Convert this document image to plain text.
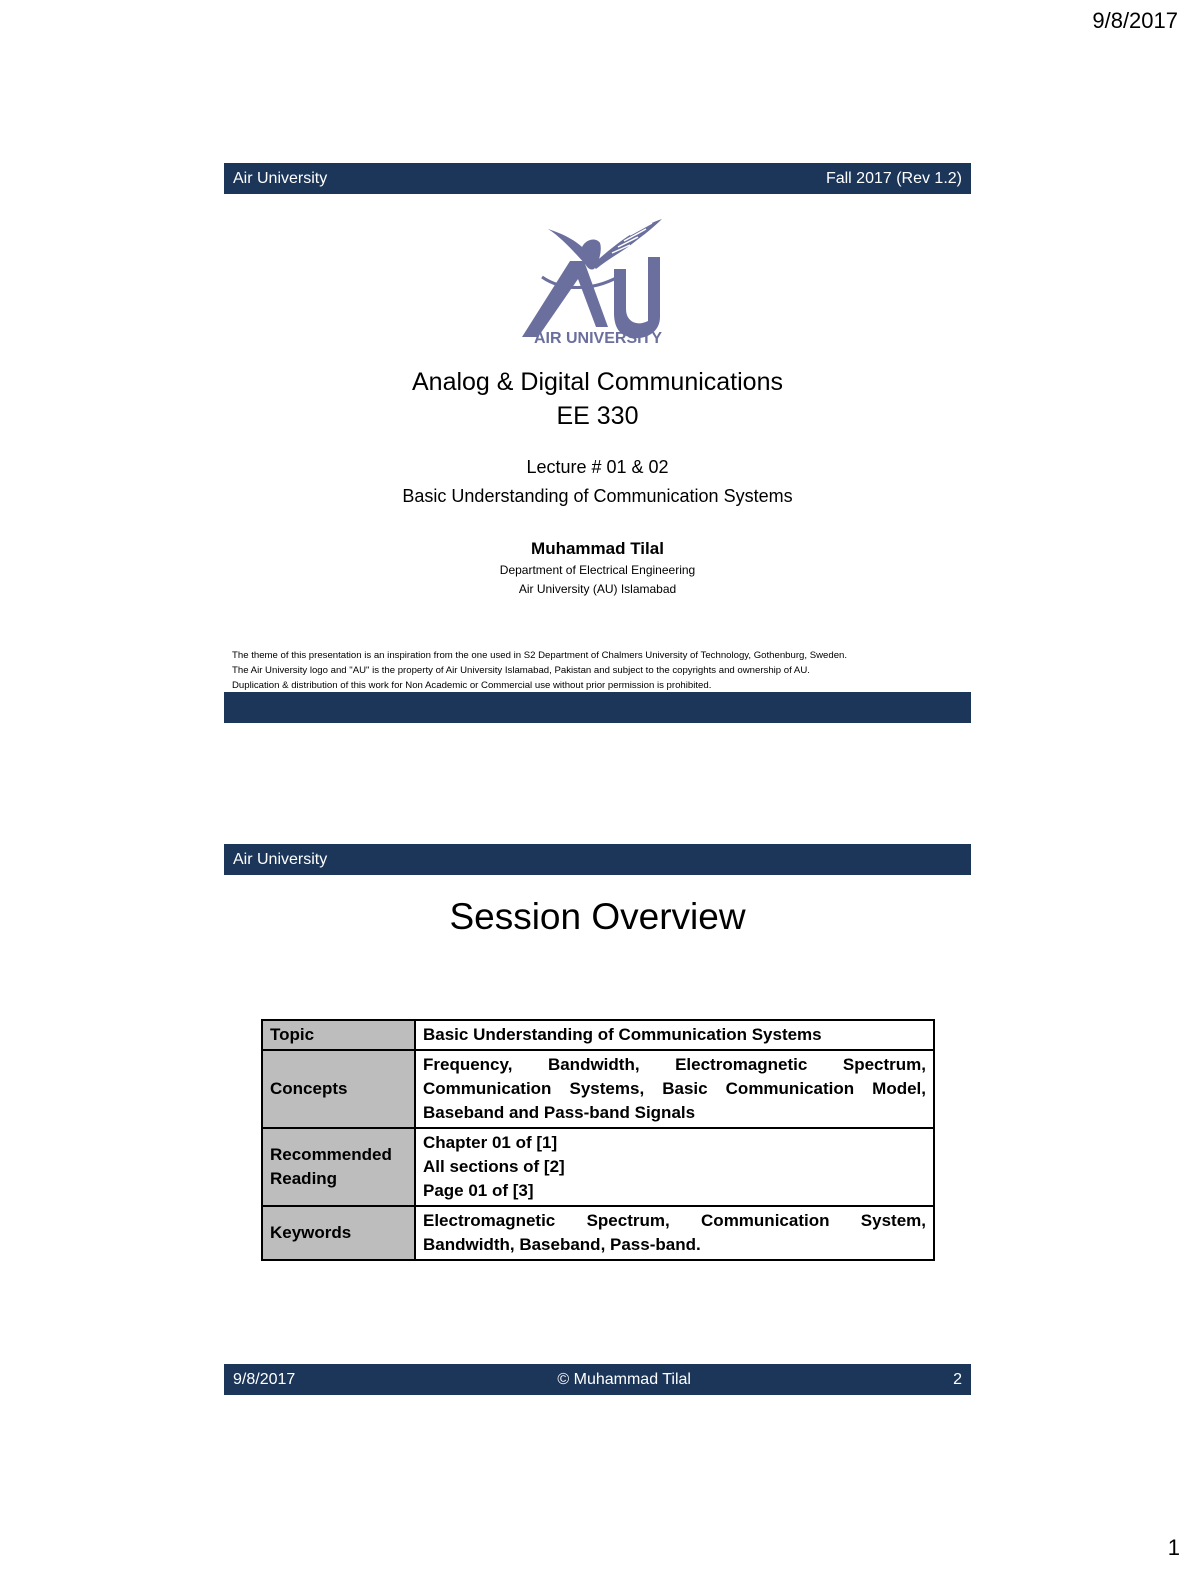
9/8/2017
Air University	Fall 2017 (Rev 1.2)
AIR UNIVERSITY
Analog & Digital Communications
EE 330
Lecture # 01 & 02
Basic Understanding of Communication Systems
Muhammad Tilal
Department of Electrical Engineering
Air University (AU) Islamabad
The theme of this presentation is an inspiration from the one used in S2 Department of Chalmers University of Technology, Gothenburg, Sweden.
The Air University logo and "AU" is the property of Air University Islamabad, Pakistan and subject to the copyrights and ownership of AU.
Duplication & distribution of this work for Non Academic or Commercial use without prior permission is prohibited.
Air University
Session Overview
Topic	Basic Understanding of Communication Systems
Concepts	Frequency, Bandwidth, Electromagnetic Spectrum, Communication Systems, Basic Communication Model, Baseband and Pass-band Signals
Recommended Reading	Chapter 01 of [1]
All sections of [2]
Page 01 of [3]

Keywords	Electromagnetic Spectrum, Communication System, Bandwidth, Baseband, Pass-band.
9/8/2017	© Muhammad Tilal	2
1
